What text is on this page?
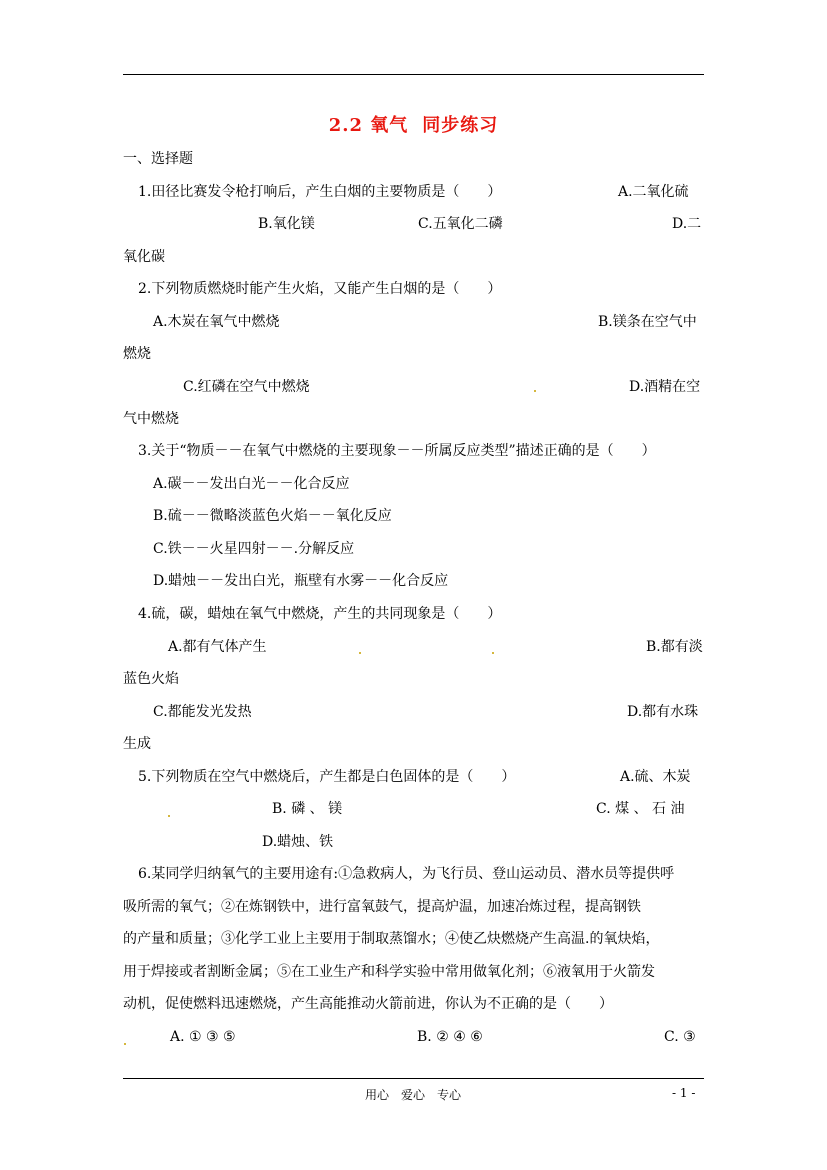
2.2 氧气 同步练习
一、选择题
1.田径比赛发令枪打响后，产生白烟的主要物质是（　　）	A.二氧化硫
B.氧化镁	C.五氧化二磷	D.二
氧化碳
2.下列物质燃烧时能产生火焰，又能产生白烟的是（　　）
A.木炭在氧气中燃烧	B.镁条在空气中
燃烧
C.红磷在空气中燃烧	D.酒精在空
气中燃烧
3.关于“物质－－在氧气中燃烧的主要现象－－所属反应类型”描述正确的是（　　）
A.碳－－发出白光－－化合反应
B.硫－－微略淡蓝色火焰－－氧化反应
C.铁－－火星四射－－.分解反应
D.蜡烛－－发出白光，瓶壁有水雾－－化合反应
4.硫，碳，蜡烛在氧气中燃烧，产生的共同现象是（　　）
A.都有气体产生	B.都有淡
蓝色火焰
C.都能发光发热	D.都有水珠
生成
5.下列物质在空气中燃烧后，产生都是白色固体的是（　　）	A.硫、木炭
B. 磷 、 镁	C. 煤 、 石 油
D.蜡烛、铁
6.某同学归纳氧气的主要用途有:①急救病人，为飞行员、登山运动员、潜水员等提供呼
吸所需的氧气；②在炼钢铁中，进行富氧鼓气，提高炉温，加速冶炼过程，提高钢铁
的产量和质量；③化学工业上主要用于制取蒸馏水；④使乙炔燃烧产生高温.的氧炔焰，
用于焊接或者割断金属；⑤在工业生产和科学实验中常用做氧化剂；⑥液氧用于火箭发
动机，促使燃料迅速燃烧，产生高能推动火箭前进，你认为不正确的是（　　）
A. ① ③ ⑤	B. ② ④ ⑥	C. ③
用心　爱心　专心	- 1 -
